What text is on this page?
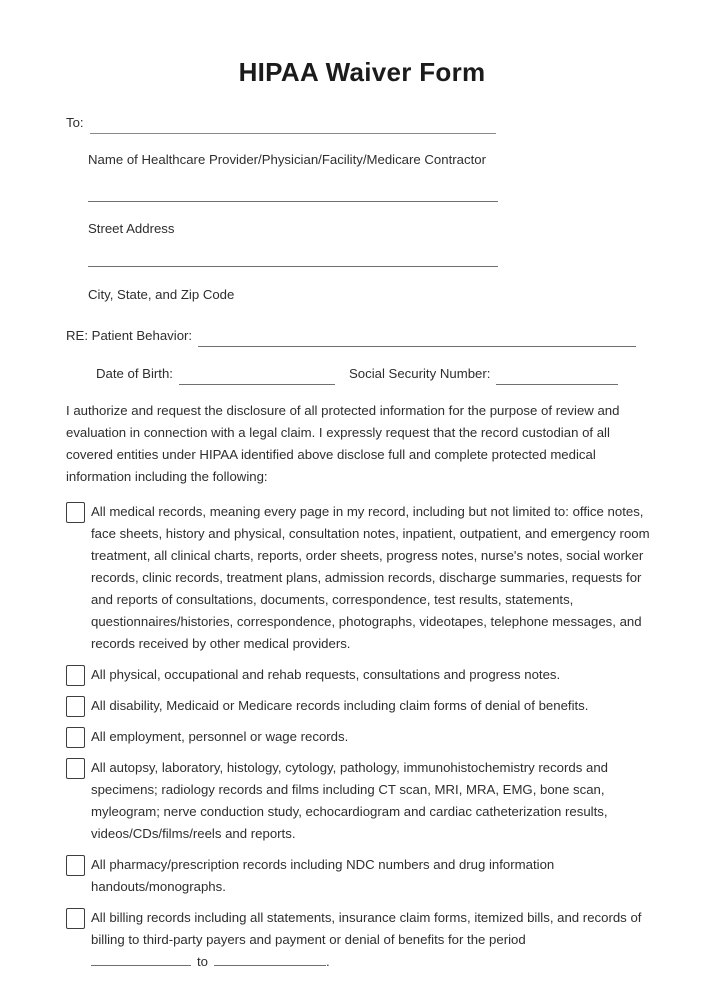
HIPAA Waiver Form
To:
Name of Healthcare Provider/Physician/Facility/Medicare Contractor
Street Address
City, State, and Zip Code
RE: Patient Behavior:
Date of Birth:	Social Security Number:

I authorize and request the disclosure of all protected information for the purpose of review and evaluation in connection with a legal claim. I expressly request that the record custodian of all covered entities under HIPAA identified above disclose full and complete protected medical information including the following:

All medical records, meaning every page in my record, including but not limited to: office notes, face sheets, history and physical, consultation notes, inpatient, outpatient, and emergency room treatment, all clinical charts, reports, order sheets, progress notes, nurse's notes, social worker records, clinic records, treatment plans, admission records, discharge summaries, requests for and reports of consultations, documents, correspondence, test results, statements, questionnaires/histories, correspondence, photographs, videotapes, telephone messages, and records received by other medical providers.
All physical, occupational and rehab requests, consultations and progress notes.
All disability, Medicaid or Medicare records including claim forms of denial of benefits.
All employment, personnel or wage records.
All autopsy, laboratory, histology, cytology, pathology, immunohistochemistry records and specimens; radiology records and films including CT scan, MRI, MRA, EMG, bone scan, myleogram; nerve conduction study, echocardiogram and cardiac catheterization results, videos/CDs/films/reels and reports.
All pharmacy/prescription records including NDC numbers and drug information handouts/monographs.
All billing records including all statements, insurance claim forms, itemized bills, and records of billing to third-party payers and payment or denial of benefits for the period
to	.
